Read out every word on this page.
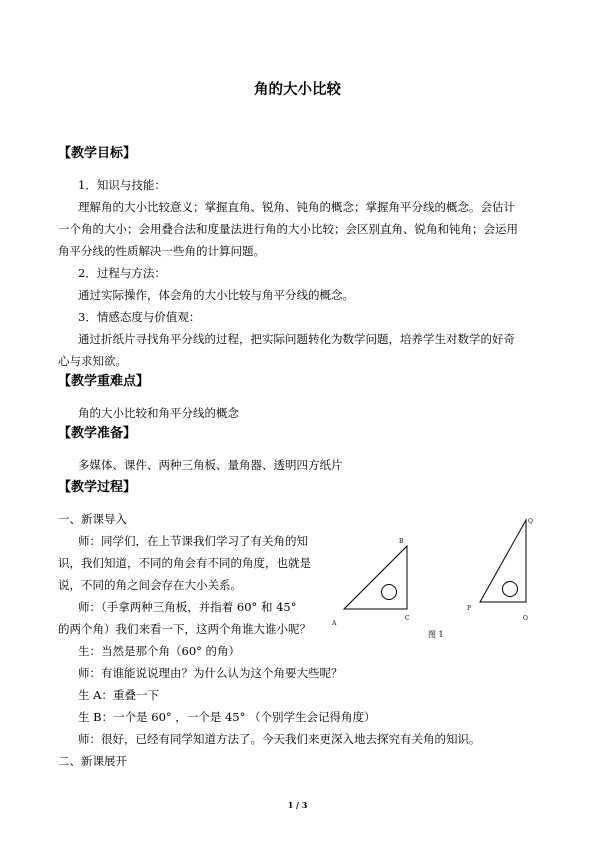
角的大小比较
【教学目标】
1．知识与技能：
理解角的大小比较意义；掌握直角、锐角、钝角的概念；掌握角平分线的概念。会估计
一个角的大小；会用叠合法和度量法进行角的大小比较；会区别直角、锐角和钝角；会运用
角平分线的性质解决一些角的计算问题。
2．过程与方法：
通过实际操作，体会角的大小比较与角平分线的概念。
3．情感态度与价值观：
通过折纸片寻找角平分线的过程，把实际问题转化为数学问题，培养学生对数学的好奇
心与求知欲。
【教学重难点】
角的大小比较和角平分线的概念
【教学准备】
多媒体、课件、两种三角板、量角器、透明四方纸片
【教学过程】
一、新课导入
师：同学们，在上节课我们学习了有关角的知
识，我们知道，不同的角会有不同的角度，也就是
说，不同的角之间会存在大小关系。
师：（手拿两种三角板，并指着 60° 和 45°
的两个角）我们来看一下，这两个角谁大谁小呢？
生：当然是那个角（60° 的角）
师：有谁能说说理由？为什么认为这个角要大些呢？
生 A：重叠一下
生 B：一个是 60° ，一个是 45° （个别学生会记得角度）
师：很好，已经有同学知道方法了。今天我们来更深入地去探究有关角的知识。
二、新课展开
A
B
C
P
Q
O
图 1
1 / 3
